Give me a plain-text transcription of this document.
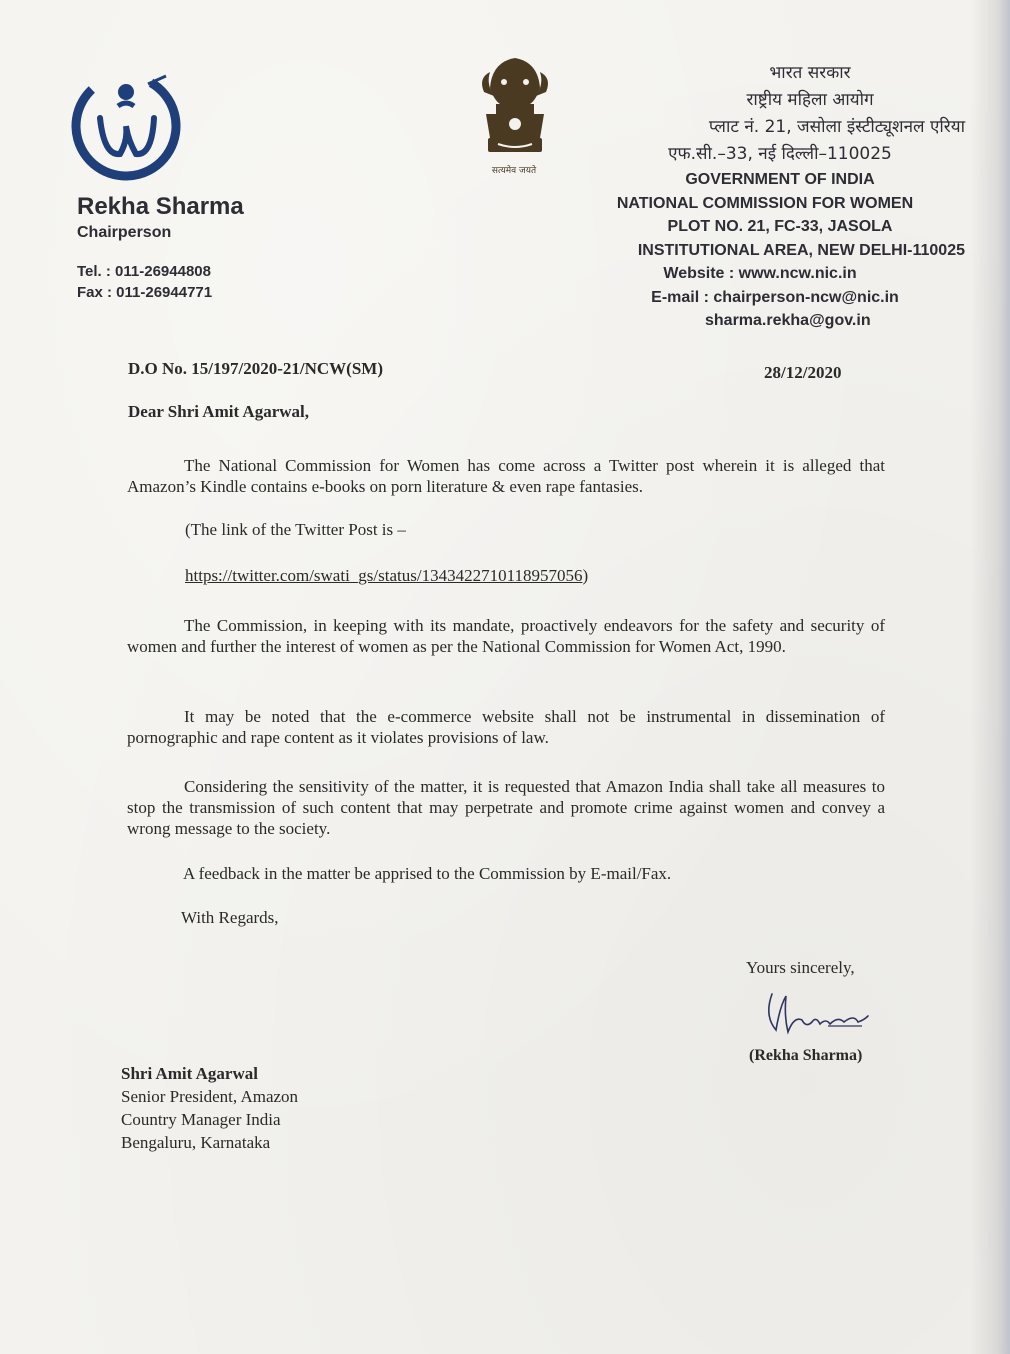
Rekha Sharma
Chairperson
Tel. : 011-26944808
Fax : 011-26944771
सत्यमेव जयते
भारत सरकार
राष्ट्रीय महिला आयोग
प्लाट नं. 21, जसोला इंस्टीट्यूशनल एरिया
एफ.सी.–33, नई दिल्ली–110025
GOVERNMENT OF INDIA
NATIONAL COMMISSION FOR WOMEN
PLOT NO. 21, FC-33, JASOLA
INSTITUTIONAL AREA, NEW DELHI-110025
Website : www.ncw.nic.in
E-mail : chairperson-ncw@nic.in
sharma.rekha@gov.in
D.O No. 15/197/2020-21/NCW(SM)	28/12/2020
Dear Shri Amit Agarwal,
The National Commission for Women has come across a Twitter post wherein it is alleged that Amazon’s Kindle contains e-books on porn literature & even rape fantasies.
(The link of the Twitter Post is –
https://twitter.com/swati_gs/status/1343422710118957056)
The Commission, in keeping with its mandate, proactively endeavors for the safety and security of women and further the interest of women as per the National Commission for Women Act, 1990.
It may be noted that the e-commerce website shall not be instrumental in dissemination of pornographic and rape content as it violates provisions of law.
Considering the sensitivity of the matter, it is requested that Amazon India shall take all measures to stop the transmission of such content that may perpetrate and promote crime against women and convey a wrong message to the society.
A feedback in the matter be apprised to the Commission by E-mail/Fax.
With Regards,
Yours sincerely,
(Rekha Sharma)
Shri Amit Agarwal
Senior President, Amazon
Country Manager India
Bengaluru, Karnataka
